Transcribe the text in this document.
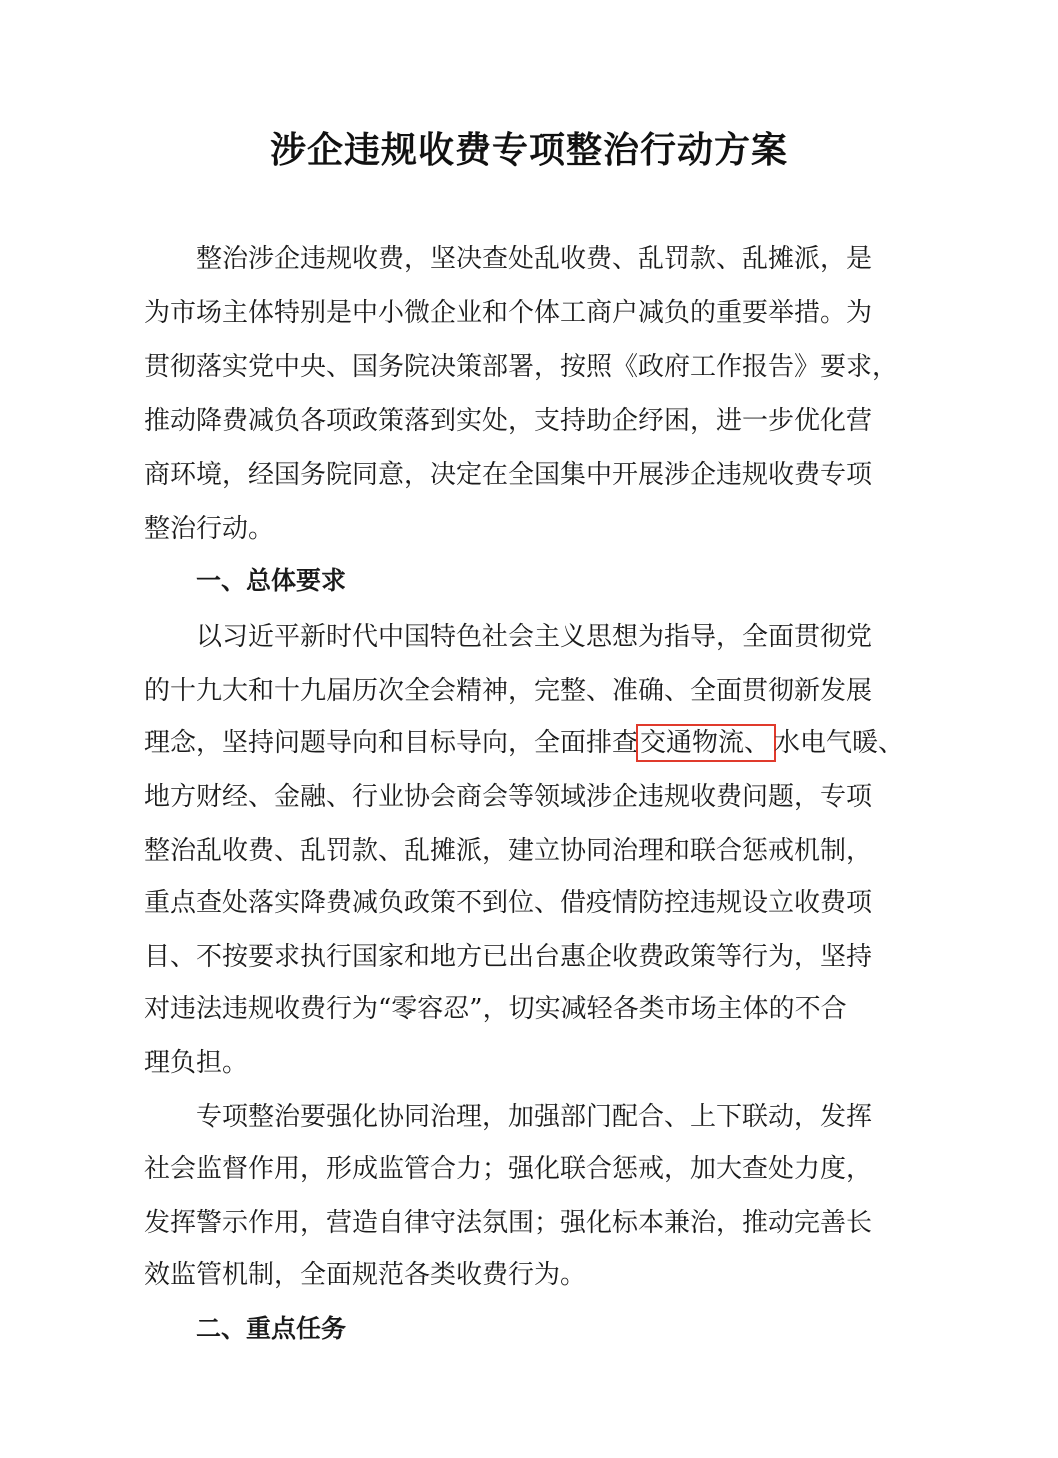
涉企违规收费专项整治行动方案
整治涉企违规收费，坚决查处乱收费、乱罚款、乱摊派，是
为市场主体特别是中小微企业和个体工商户减负的重要举措。为
贯彻落实党中央、国务院决策部署，按照《政府工作报告》要求，
推动降费减负各项政策落到实处，支持助企纾困，进一步优化营
商环境，经国务院同意，决定在全国集中开展涉企违规收费专项
整治行动。
一、总体要求
以习近平新时代中国特色社会主义思想为指导，全面贯彻党
的十九大和十九届历次全会精神，完整、准确、全面贯彻新发展
理念，坚持问题导向和目标导向，全面排查交通物流、 水电气暖、
地方财经、金融、行业协会商会等领域涉企违规收费问题，专项
整治乱收费、乱罚款、乱摊派，建立协同治理和联合惩戒机制，
重点查处落实降费减负政策不到位、借疫情防控违规设立收费项
目、不按要求执行国家和地方已出台惠企收费政策等行为，坚持
对违法违规收费行为“零容忍”，切实减轻各类市场主体的不合
理负担。
专项整治要强化协同治理，加强部门配合、上下联动，发挥
社会监督作用，形成监管合力；强化联合惩戒，加大查处力度，
发挥警示作用，营造自律守法氛围；强化标本兼治，推动完善长
效监管机制，全面规范各类收费行为。
二、重点任务
